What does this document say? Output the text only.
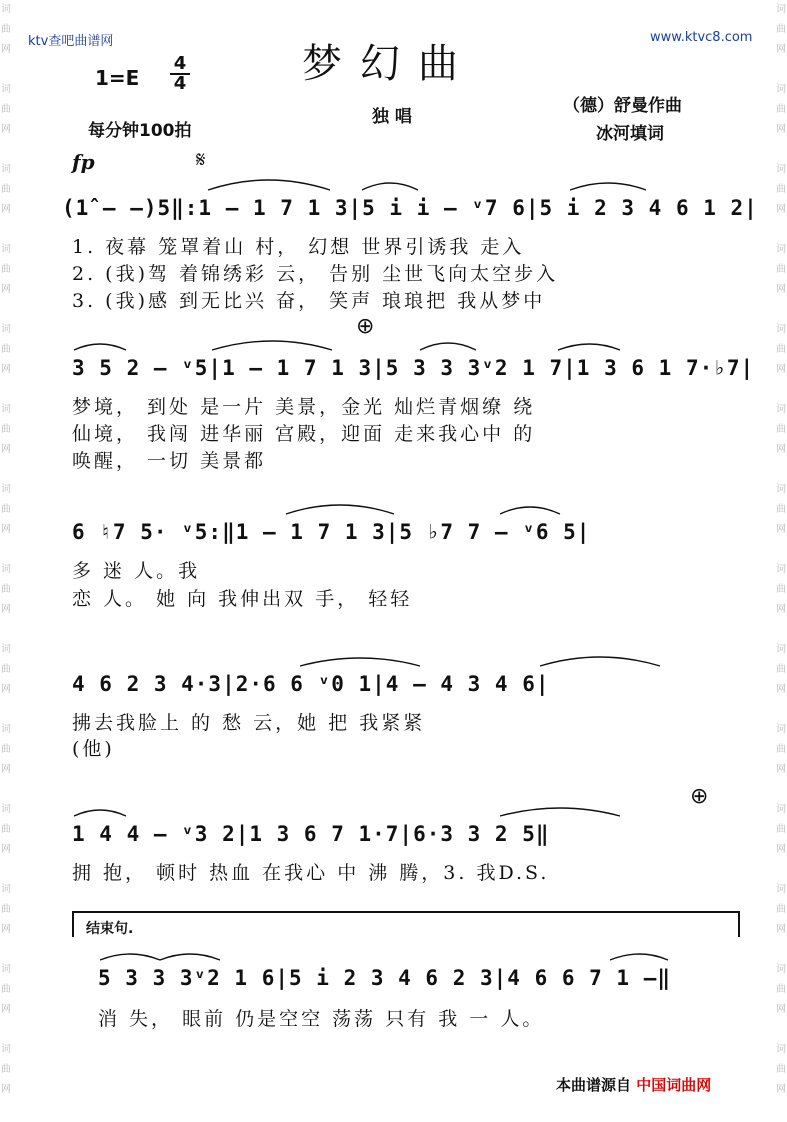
词
曲
网

词
曲
网

词
曲
网

词
曲
网

词
曲
网

词
曲
网

词
曲
网

词
曲
网

词
曲
网

词
曲
网

词
曲
网

词
曲
网

词
曲
网

词
曲
网
词
曲
网

词
曲
网

词
曲
网

词
曲
网

词
曲
网

词
曲
网

词
曲
网

词
曲
网

词
曲
网

词
曲
网

词
曲
网

词
曲
网

词
曲
网

词
曲
网
ktv查吧曲谱网	www.ktvc8.com
梦幻曲
1=E
4
4
每分钟100拍
独 唱
（德）舒曼作曲
冰河填词
fp	𝄋
⊕
⊕
(1̂ — —)5‖:1 — 1 7 1 3|5 i i — ᵛ7 6|5 i 2 3 4 6 1 2|
1. 夜幕 笼罩着山 村， 幻想 世界引诱我 走入
2. (我)驾 着锦绣彩 云， 告别 尘世飞向太空步入
3. (我)感 到无比兴 奋， 笑声 琅琅把 我从梦中
3 5 2 — ᵛ5|1 — 1 7 1 3|5 3 3 3ᵛ2 1 7|1 3 6 1 7·♭7|
梦境， 到处 是一片 美景，金光 灿烂青烟缭 绕
仙境， 我闯 进华丽 宫殿，迎面 走来我心中 的
唤醒， 一切 美景都
6 ♮7 5· ᵛ5:‖1 — 1 7 1 3|5 ♭7 7 — ᵛ6 5|
多 迷 人。我
恋 人。 她 向 我伸出双 手， 轻轻
4 6 2 3 4·3|2·6 6 ᵛ0 1|4 — 4 3 4 6|
拂去我脸上 的 愁 云，她 把 我紧紧
(他)
1 4 4 — ᵛ3 2|1 3 6 7 1·7|6·3 3 2 5‖
拥 抱， 顿时 热血 在我心 中 沸 腾，3. 我D.S.
结束句.
5 3 3 3ᵛ2 1 6|5 i 2 3 4 6 2 3|4 6 6 7 1 —‖
消 失， 眼前 仍是空空 荡荡 只有 我 一 人。
本曲谱源自 中国词曲网
